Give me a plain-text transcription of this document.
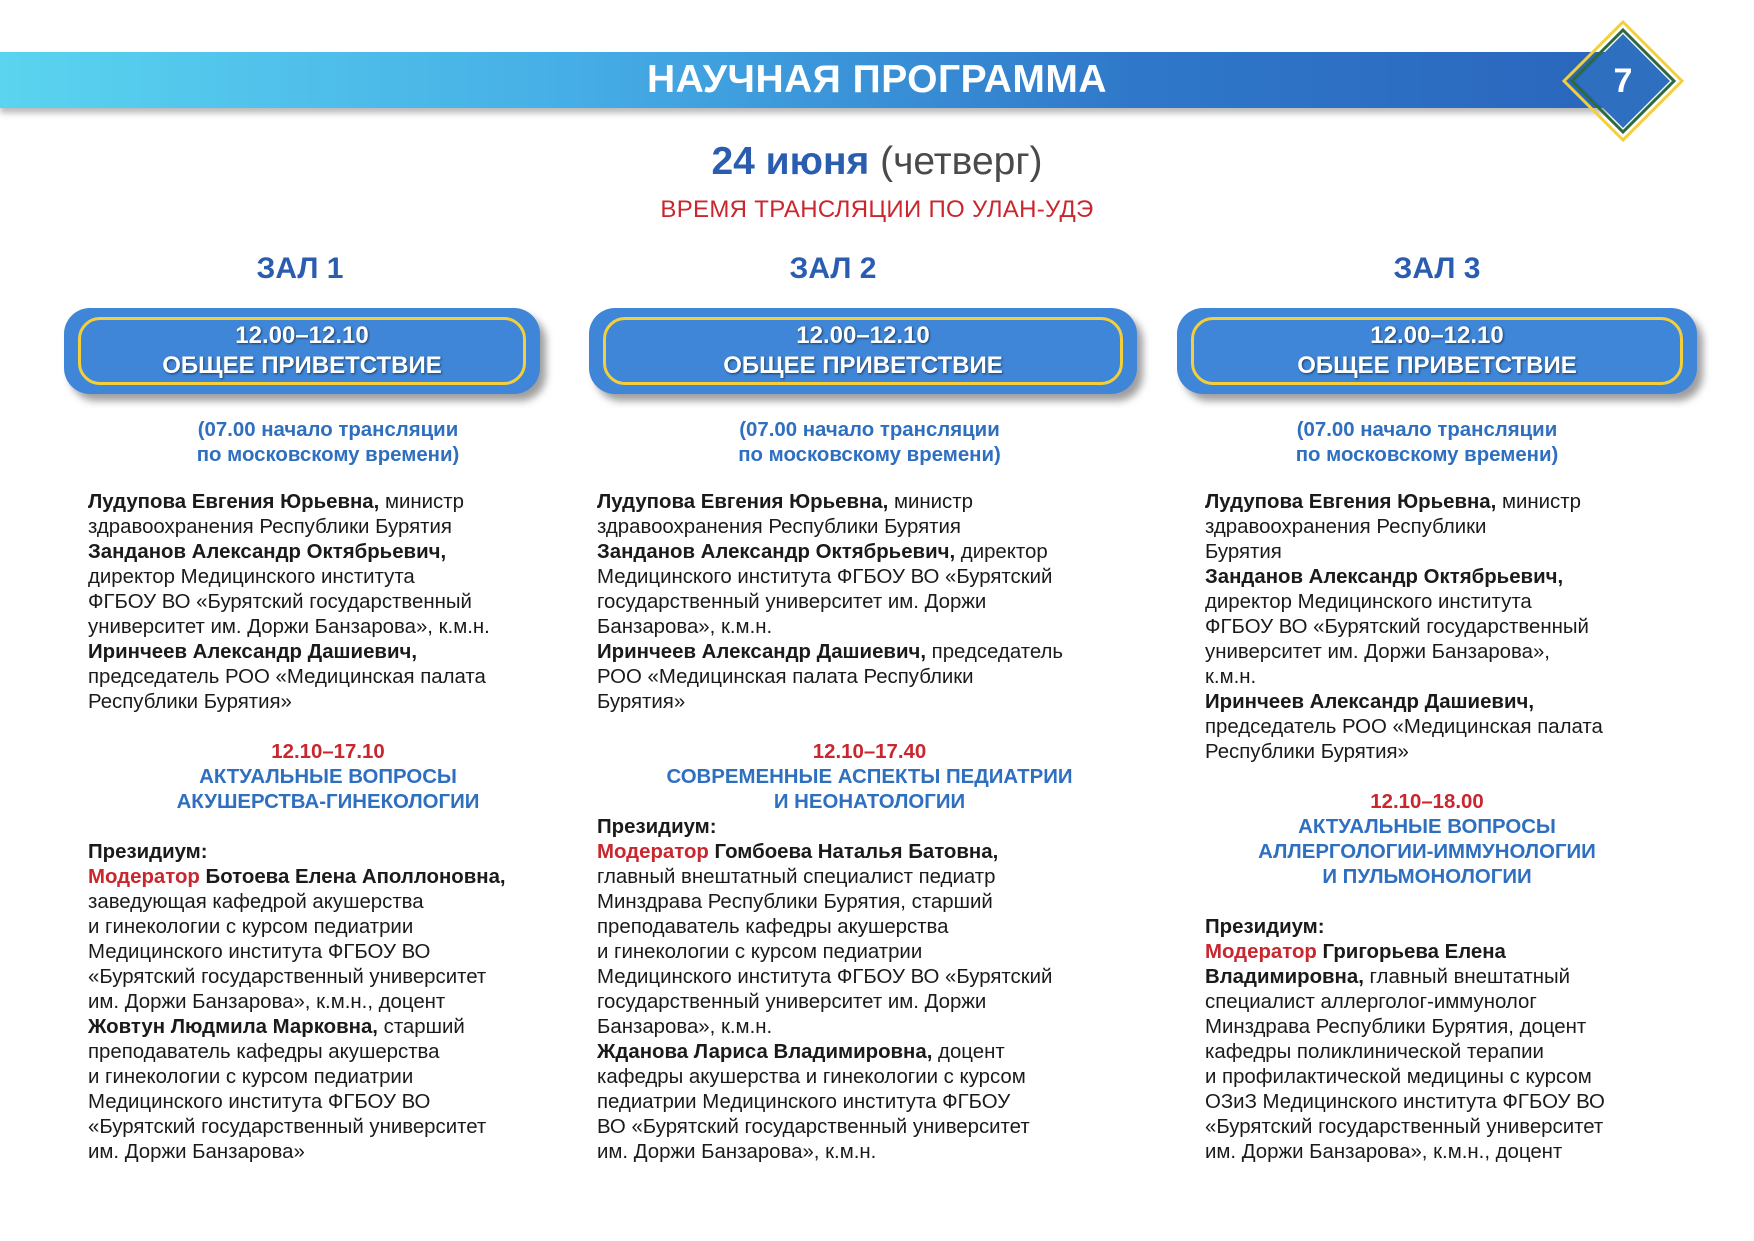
НАУЧНАЯ ПРОГРАММА	7
24 июня (четверг)
ВРЕМЯ ТРАНСЛЯЦИИ ПО УЛАН-УДЭ
ЗАЛ 1	ЗАЛ 2	ЗАЛ 3
12.00–12.10
ОБЩЕЕ ПРИВЕТСТВИЕ
12.00–12.10
ОБЩЕЕ ПРИВЕТСТВИЕ
12.00–12.10
ОБЩЕЕ ПРИВЕТСТВИЕ
(07.00 начало трансляции
по московскому времени)
Лудупова Евгения Юрьевна, министр
здравоохранения Республики Бурятия
Занданов Александр Октябрьевич,
директор Медицинского института
ФГБОУ ВО «Бурятский государственный
университет им. Доржи Банзарова», к.м.н.
Иринчеев Александр Дашиевич,
председатель РОО «Медицинская палата
Республики Бурятия»
12.10–17.10
АКТУАЛЬНЫЕ ВОПРОСЫ
АКУШЕРСТВА-ГИНЕКОЛОГИИ
Президиум:
Модератор Ботоева Елена Аполлоновна,
заведующая кафедрой акушерства
и гинекологии с курсом педиатрии
Медицинского института ФГБОУ ВО
«Бурятский государственный университет
им. Доржи Банзарова», к.м.н., доцент
Жовтун Людмила Марковна, старший
преподаватель кафедры акушерства
и гинекологии с курсом педиатрии
Медицинского института ФГБОУ ВО
«Бурятский государственный университет
им. Доржи Банзарова»
(07.00 начало трансляции
по московскому времени)
Лудупова Евгения Юрьевна, министр
здравоохранения Республики Бурятия
Занданов Александр Октябрьевич, директор
Медицинского института ФГБОУ ВО «Бурятский
государственный университет им. Доржи
Банзарова», к.м.н.
Иринчеев Александр Дашиевич, председатель
РОО «Медицинская палата Республики
Бурятия»
12.10–17.40
СОВРЕМЕННЫЕ АСПЕКТЫ ПЕДИАТРИИ
И НЕОНАТОЛОГИИ
Президиум:
Модератор Гомбоева Наталья Батовна,
главный внештатный специалист педиатр
Минздрава Республики Бурятия, старший
преподаватель кафедры акушерства
и гинекологии с курсом педиатрии
Медицинского института ФГБОУ ВО «Бурятский
государственный университет им. Доржи
Банзарова», к.м.н.
Жданова Лариса Владимировна, доцент
кафедры акушерства и гинекологии с курсом
педиатрии Медицинского института ФГБОУ
ВО «Бурятский государственный университет
им. Доржи Банзарова», к.м.н.
(07.00 начало трансляции
по московскому времени)
Лудупова Евгения Юрьевна, министр
здравоохранения Республики
Бурятия
Занданов Александр Октябрьевич,
директор Медицинского института
ФГБОУ ВО «Бурятский государственный
университет им. Доржи Банзарова»,
к.м.н.
Иринчеев Александр Дашиевич,
председатель РОО «Медицинская палата
Республики Бурятия»
12.10–18.00
АКТУАЛЬНЫЕ ВОПРОСЫ
АЛЛЕРГОЛОГИИ-ИММУНОЛОГИИ
И ПУЛЬМОНОЛОГИИ
Президиум:
Модератор Григорьева Елена
Владимировна, главный внештатный
специалист аллерголог-иммунолог
Минздрава Республики Бурятия, доцент
кафедры поликлинической терапии
и профилактической медицины с курсом
ОЗиЗ Медицинского института ФГБОУ ВО
«Бурятский государственный университет
им. Доржи Банзарова», к.м.н., доцент
